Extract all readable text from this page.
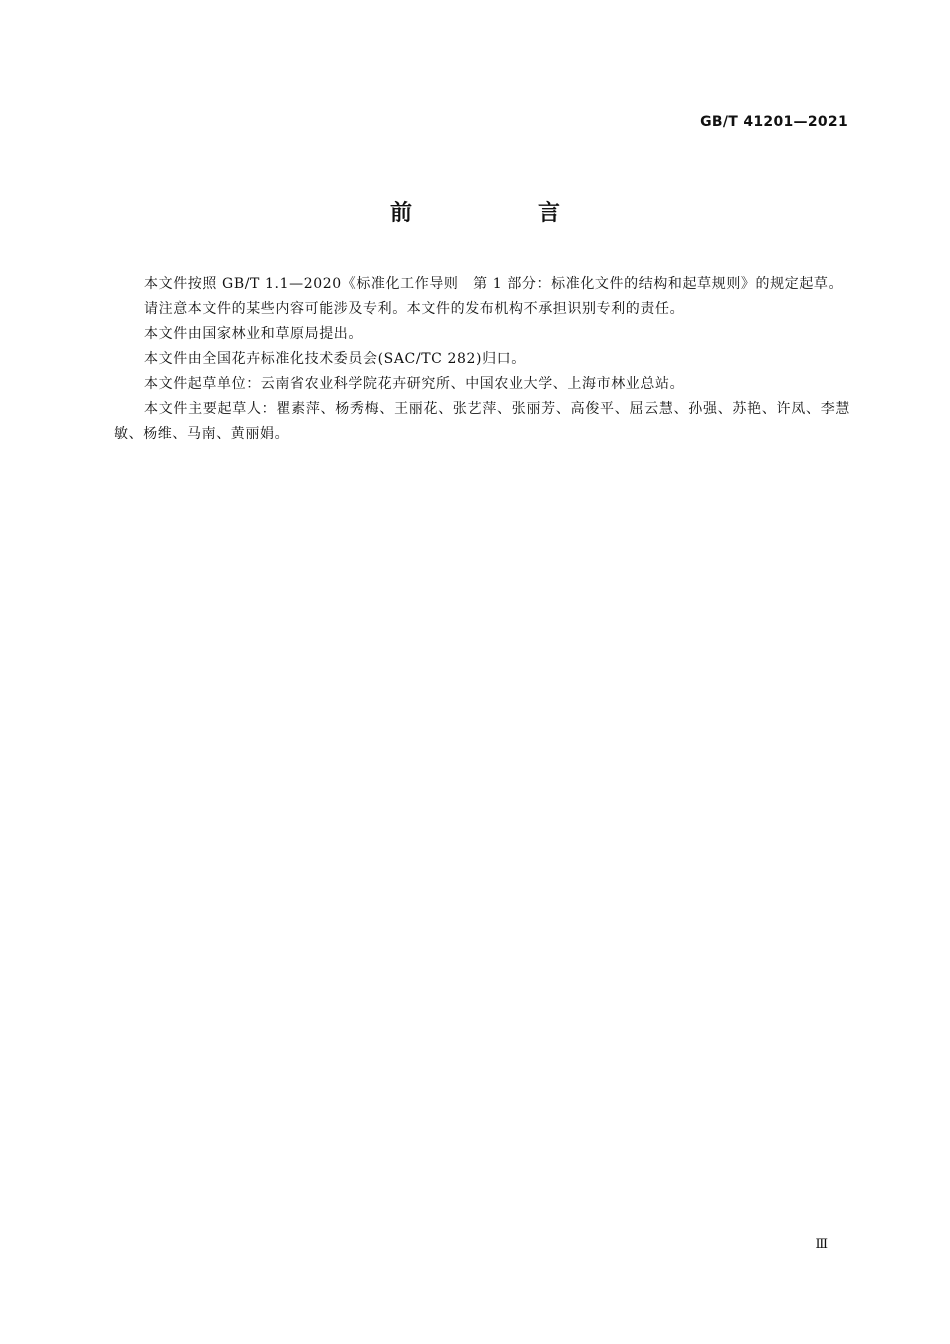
GB/T 41201—2021
前　言

本文件按照 GB/T 1.1—2020《标准化工作导则　第 1 部分：标准化文件的结构和起草规则》的规定起草。

请注意本文件的某些内容可能涉及专利。本文件的发布机构不承担识别专利的责任。

本文件由国家林业和草原局提出。

本文件由全国花卉标准化技术委员会(SAC/TC 282)归口。

本文件起草单位：云南省农业科学院花卉研究所、中国农业大学、上海市林业总站。

本文件主要起草人：瞿素萍、杨秀梅、王丽花、张艺萍、张丽芳、高俊平、屈云慧、孙强、苏艳、许凤、李慧敏、杨维、马南、黄丽娟。

Ⅲ
